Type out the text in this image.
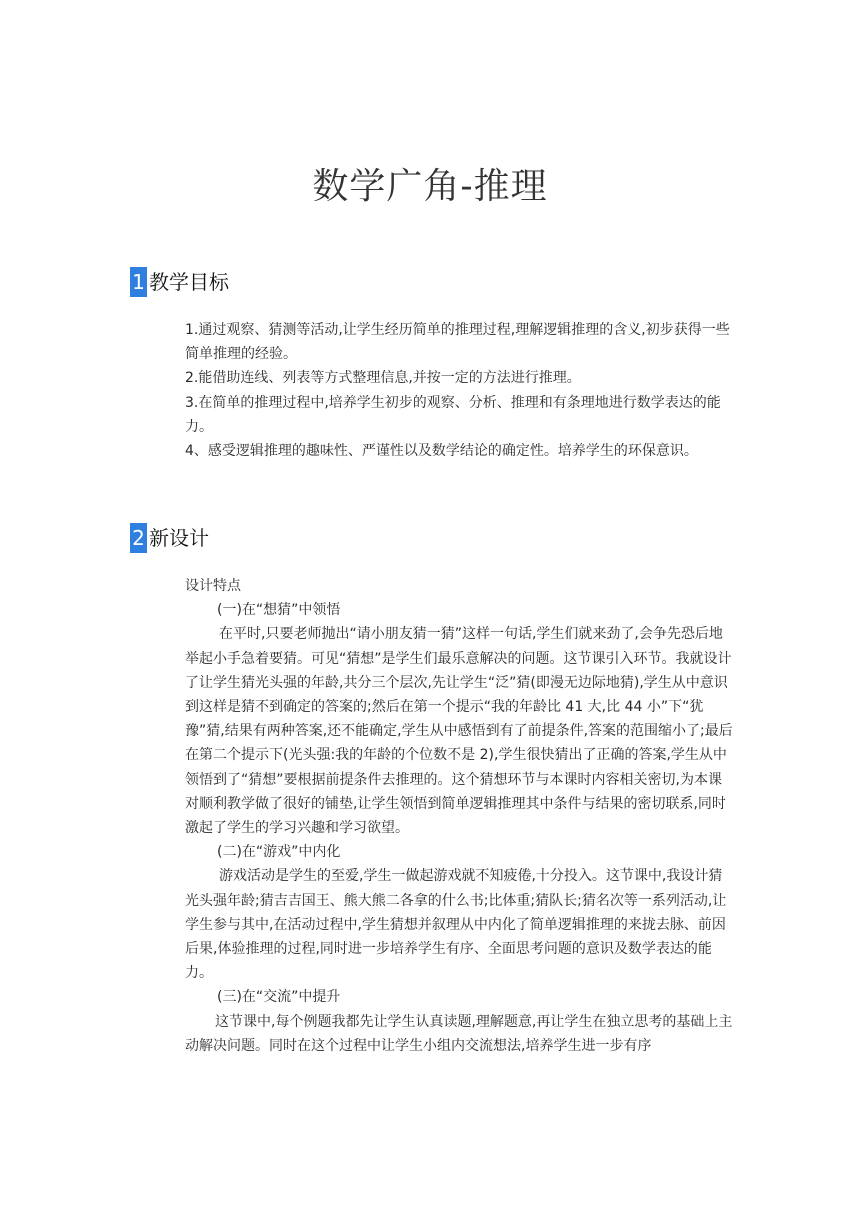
数学广角-推理
1 教学目标

1.通过观察、猜测等活动,让学生经历简单的推理过程,理解逻辑推理的含义,初步获得一些简单推理的经验。

2.能借助连线、列表等方式整理信息,并按一定的方法进行推理。

3.在简单的推理过程中,培养学生初步的观察、分析、推理和有条理地进行数学表达的能力。

4、感受逻辑推理的趣味性、严谨性以及数学结论的确定性。培养学生的环保意识。

2 新设计

设计特点

(一)在“想猜”中领悟

在平时,只要老师抛出“请小朋友猜一猜”这样一句话,学生们就来劲了,会争先恐后地举起小手急着要猜。可见“猜想”是学生们最乐意解决的问题。这节课引入环节。我就设计了让学生猜光头强的年龄,共分三个层次,先让学生“泛”猜(即漫无边际地猜),学生从中意识到这样是猜不到确定的答案的;然后在第一个提示“我的年龄比 41 大,比 44 小”下“犹豫”猜,结果有两种答案,还不能确定,学生从中感悟到有了前提条件,答案的范围缩小了;最后在第二个提示下(光头强:我的年龄的个位数不是 2),学生很快猜出了正确的答案,学生从中领悟到了“猜想”要根据前提条件去推理的。这个猜想环节与本课时内容相关密切,为本课对顺利教学做了很好的铺垫,让学生领悟到简单逻辑推理其中条件与结果的密切联系,同时激起了学生的学习兴趣和学习欲望。

(二)在“游戏”中内化

游戏活动是学生的至爱,学生一做起游戏就不知疲倦,十分投入。这节课中,我设计猜光头强年龄;猜吉吉国王、熊大熊二各拿的什么书;比体重;猜队长;猜名次等一系列活动,让学生参与其中,在活动过程中,学生猜想并叙理从中内化了简单逻辑推理的来拢去脉、前因后果,体验推理的过程,同时进一步培养学生有序、全面思考问题的意识及数学表达的能力。

(三)在“交流”中提升

这节课中,每个例题我都先让学生认真读题,理解题意,再让学生在独立思考的基础上主动解决问题。同时在这个过程中让学生小组内交流想法,培养学生进一步有序
